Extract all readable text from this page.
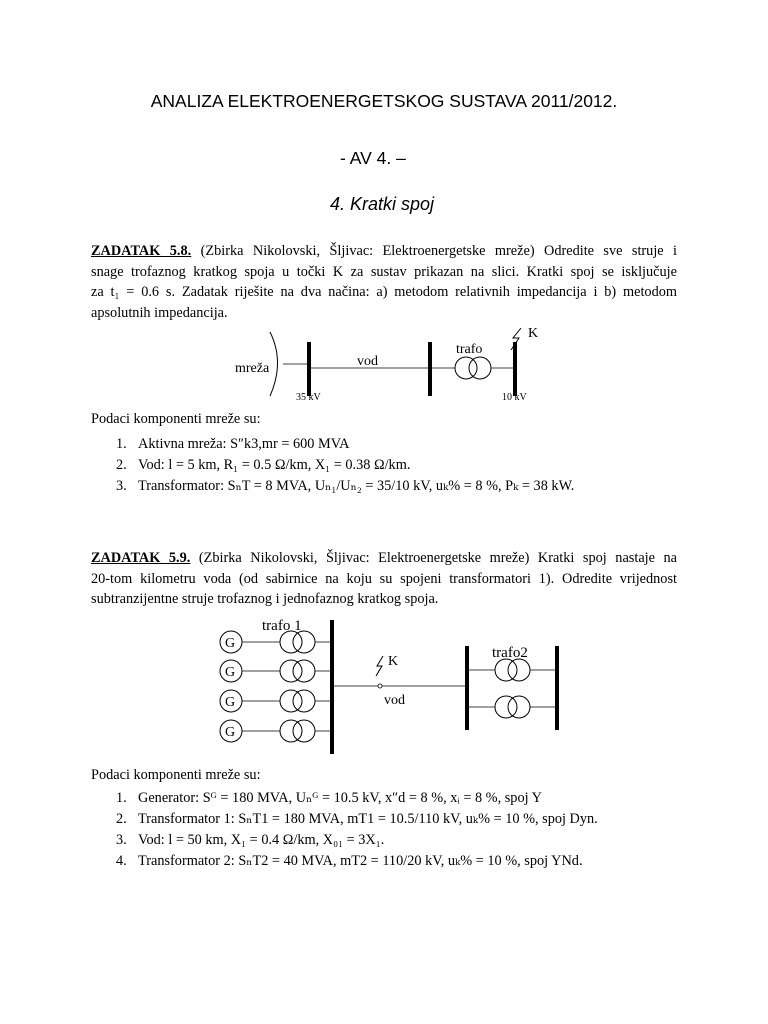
ANALIZA ELEKTROENERGETSKOG SUSTAVA 2011/2012.
- AV 4. –
4. Kratki spoj
ZADATAK 5.8. (Zbirka Nikolovski, Šljivac: Elektroenergetske mreže) Odredite sve struje i
snage trofaznog kratkog spoja u točki K za sustav prikazan na slici. Kratki spoj se isključuje
za t₁ = 0.6 s. Zadatak riješite na dva načina: a) metodom relativnih impedancija i b) metodom
apsolutnih impedancija.
mreža
35 kV
vod
trafo
10 kV
K
Podaci komponenti mreže su:
1. Aktivna mreža: S″k3,mr = 600 MVA
2. Vod: l = 5 km, R₁ = 0.5 Ω/km, X₁ = 0.38 Ω/km.
3. Transformator: SₙT = 8 MVA, Uₙ₁/Uₙ₂ = 35/10 kV, uₖ% = 8 %, Pₖ = 38 kW.
ZADATAK 5.9. (Zbirka Nikolovski, Šljivac: Elektroenergetske mreže) Kratki spoj nastaje na
20-tom kilometru voda (od sabirnice na koju su spojeni transformatori 1). Odredite vrijednost
subtranzijentne struje trofaznog i jednofaznog kratkog spoja.
trafo 1
G
G
G
G
K
vod
trafo2
Podaci komponenti mreže su:
1. Generator: Sᴳ = 180 MVA, Uₙᴳ = 10.5 kV, x″d = 8 %, xᵢ = 8 %, spoj Y
2. Transformator 1: SₙT1 = 180 MVA, mT1 = 10.5/110 kV, uₖ% = 10 %, spoj Dyn.
3. Vod: l = 50 km, X₁ = 0.4 Ω/km, X₀₁ = 3X₁.
4. Transformator 2: SₙT2 = 40 MVA, mT2 = 110/20 kV, uₖ% = 10 %, spoj YNd.
